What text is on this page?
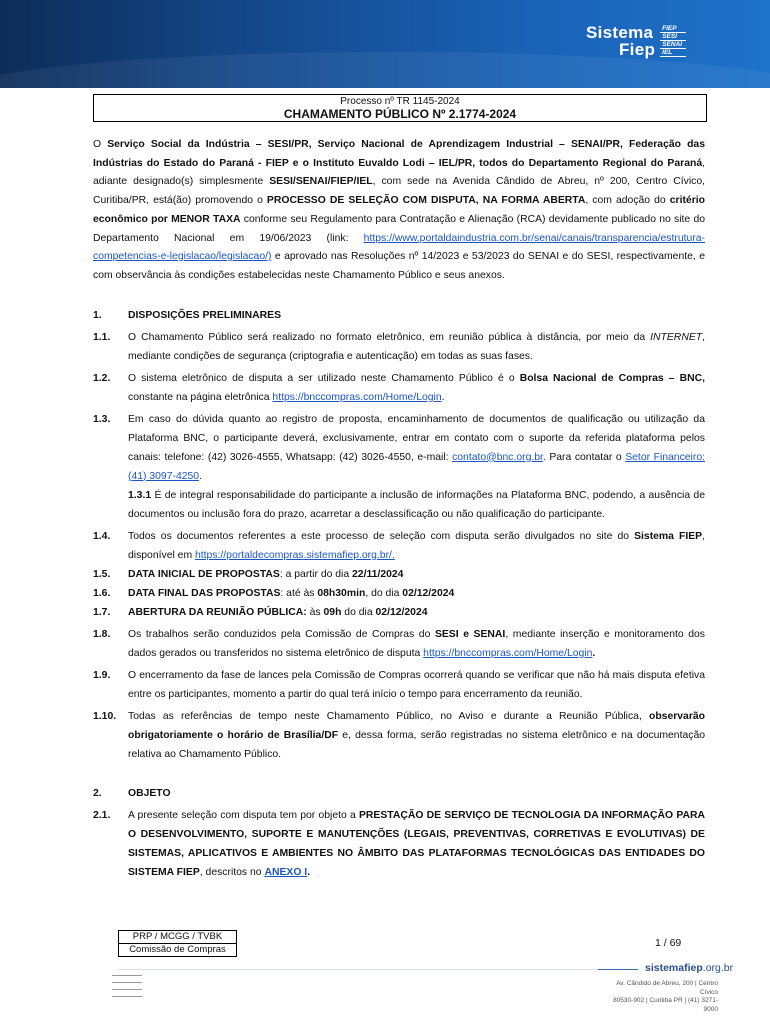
Sistema
Fiep
FIEP
SESI
SENAI
IEL
Processo nº TR 1145-2024
CHAMAMENTO PÚBLICO Nº 2.1774-2024

O Serviço Social da Indústria – SESI/PR, Serviço Nacional de Aprendizagem Industrial – SENAI/PR, Federação das Indústrias do Estado do Paraná - FIEP e o Instituto Euvaldo Lodi – IEL/PR, todos do Departamento Regional do Paraná, adiante designado(s) simplesmente SESI/SENAI/FIEP/IEL, com sede na Avenida Cândido de Abreu, nº 200, Centro Cívico, Curitiba/PR, está(ão) promovendo o PROCESSO DE SELEÇÃO COM DISPUTA, NA FORMA ABERTA, com adoção do critério econômico por MENOR TAXA conforme seu Regulamento para Contratação e Alienação (RCA) devidamente publicado no site do Departamento Nacional em 19/06/2023 (link: https://www.portaldaindustria.com.br/senai/canais/transparencia/estrutura-competencias-e-legislacao/legislacao/) e aprovado nas Resoluções nº 14/2023 e 53/2023 do SENAI e do SESI, respectivamente, e com observância às condições estabelecidas neste Chamamento Público e seus anexos.

1.	DISPOSIÇÕES PRELIMINARES
1.1.	O Chamamento Público será realizado no formato eletrônico, em reunião pública à distância, por meio da INTERNET, mediante condições de segurança (criptografia e autenticação) em todas as suas fases.
1.2.	O sistema eletrônico de disputa a ser utilizado neste Chamamento Público é o Bolsa Nacional de Compras – BNC, constante na página eletrônica https://bnccompras.com/Home/Login.
1.3.	Em caso do dúvida quanto ao registro de proposta, encaminhamento de documentos de qualificação ou utilização da Plataforma BNC, o participante deverá, exclusivamente, entrar em contato com o suporte da referida plataforma pelos canais: telefone: (42) 3026-4555, Whatsapp: (42) 3026-4550, e-mail: contato@bnc.org.br. Para contatar o Setor Financeiro: (41) 3097-4250.
1.3.1 É de integral responsabilidade do participante a inclusão de informações na Plataforma BNC, podendo, a ausência de documentos ou inclusão fora do prazo, acarretar a desclassificação ou não qualificação do participante.
1.4.	Todos os documentos referentes a este processo de seleção com disputa serão divulgados no site do Sistema FIEP, disponível em https://portaldecompras.sistemafiep.org.br/.
1.5.	DATA INICIAL DE PROPOSTAS: a partir do dia 22/11/2024
1.6.	DATA FINAL DAS PROPOSTAS: até às 08h30min, do dia 02/12/2024
1.7.	ABERTURA DA REUNIÃO PÚBLICA: às 09h do dia 02/12/2024
1.8.	Os trabalhos serão conduzidos pela Comissão de Compras do SESI e SENAI, mediante inserção e monitoramento dos dados gerados ou transferidos no sistema eletrônico de disputa https://bnccompras.com/Home/Login.
1.9.	O encerramento da fase de lances pela Comissão de Compras ocorrerá quando se verificar que não há mais disputa efetiva entre os participantes, momento a partir do qual terá início o tempo para encerramento da reunião.
1.10.	Todas as referências de tempo neste Chamamento Público, no Aviso e durante a Reunião Pública, observarão obrigatoriamente o horário de Brasília/DF e, dessa forma, serão registradas no sistema eletrônico e na documentação relativa ao Chamamento Público.
2.	OBJETO
2.1.	A presente seleção com disputa tem por objeto a PRESTAÇÃO DE SERVIÇO DE TECNOLOGIA DA INFORMAÇÃO PARA O DESENVOLVIMENTO, SUPORTE E MANUTENÇÕES (LEGAIS, PREVENTIVAS, CORRETIVAS E EVOLUTIVAS) DE SISTEMAS, APLICATIVOS E AMBIENTES NO ÂMBITO DAS PLATAFORMAS TECNOLÓGICAS DAS ENTIDADES DO SISTEMA FIEP, descritos no ANEXO I.
PRP / MCGG / TVBK
Comissão de Compras
1 / 69
sistemafiep.org.br
Av. Cândido de Abreu, 200 | Centro Cívico
80530-902 | Curitiba PR | (41) 3271-9000
